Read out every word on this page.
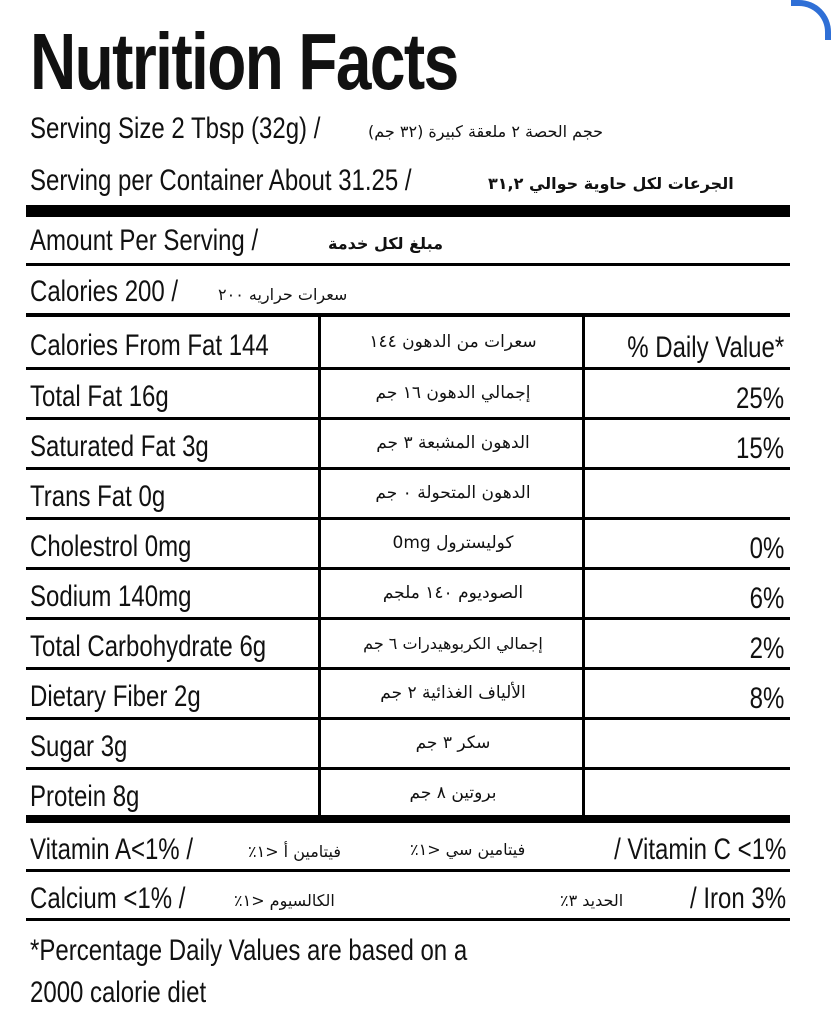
Nutrition Facts
Serving Size 2 Tbsp (32g) /	حجم الحصة ٢ ملعقة كبيرة (٣٢ جم)
Serving per Container About 31.25 /	الجرعات لكل حاوية حوالي ٣١,٢
Amount Per Serving /	مبلغ لكل خدمة
Calories 200 / سعرات حراريه ٢٠٠
Calories From Fat 144	سعرات من الدهون ١٤٤	% Daily Value*
Total Fat 16g	إجمالي الدهون ١٦ جم	25%
Saturated Fat 3g	الدهون المشبعة ٣ جم	15%
Trans Fat 0g	الدهون المتحولة ٠ جم
Cholestrol 0mg	كوليسترول 0mg	0%
Sodium 140mg	الصوديوم ١٤٠ ملجم	6%
Total Carbohydrate 6g	إجمالي الكربوهيدرات ٦ جم	2%
Dietary Fiber 2g	الألياف الغذائية ٢ جم	8%
Sugar 3g	سكر ٣ جم
Protein 8g	بروتين ٨ جم
Vitamin A<1% /	فيتامين أ ‎<١٪	فيتامين سي ‎<١٪	/ Vitamin C <1%
Calcium <1% /	الكالسيوم ‎<١٪	الحديد ٣٪	/ Iron 3%
*Percentage Daily Values are based on a
2000 calorie diet
